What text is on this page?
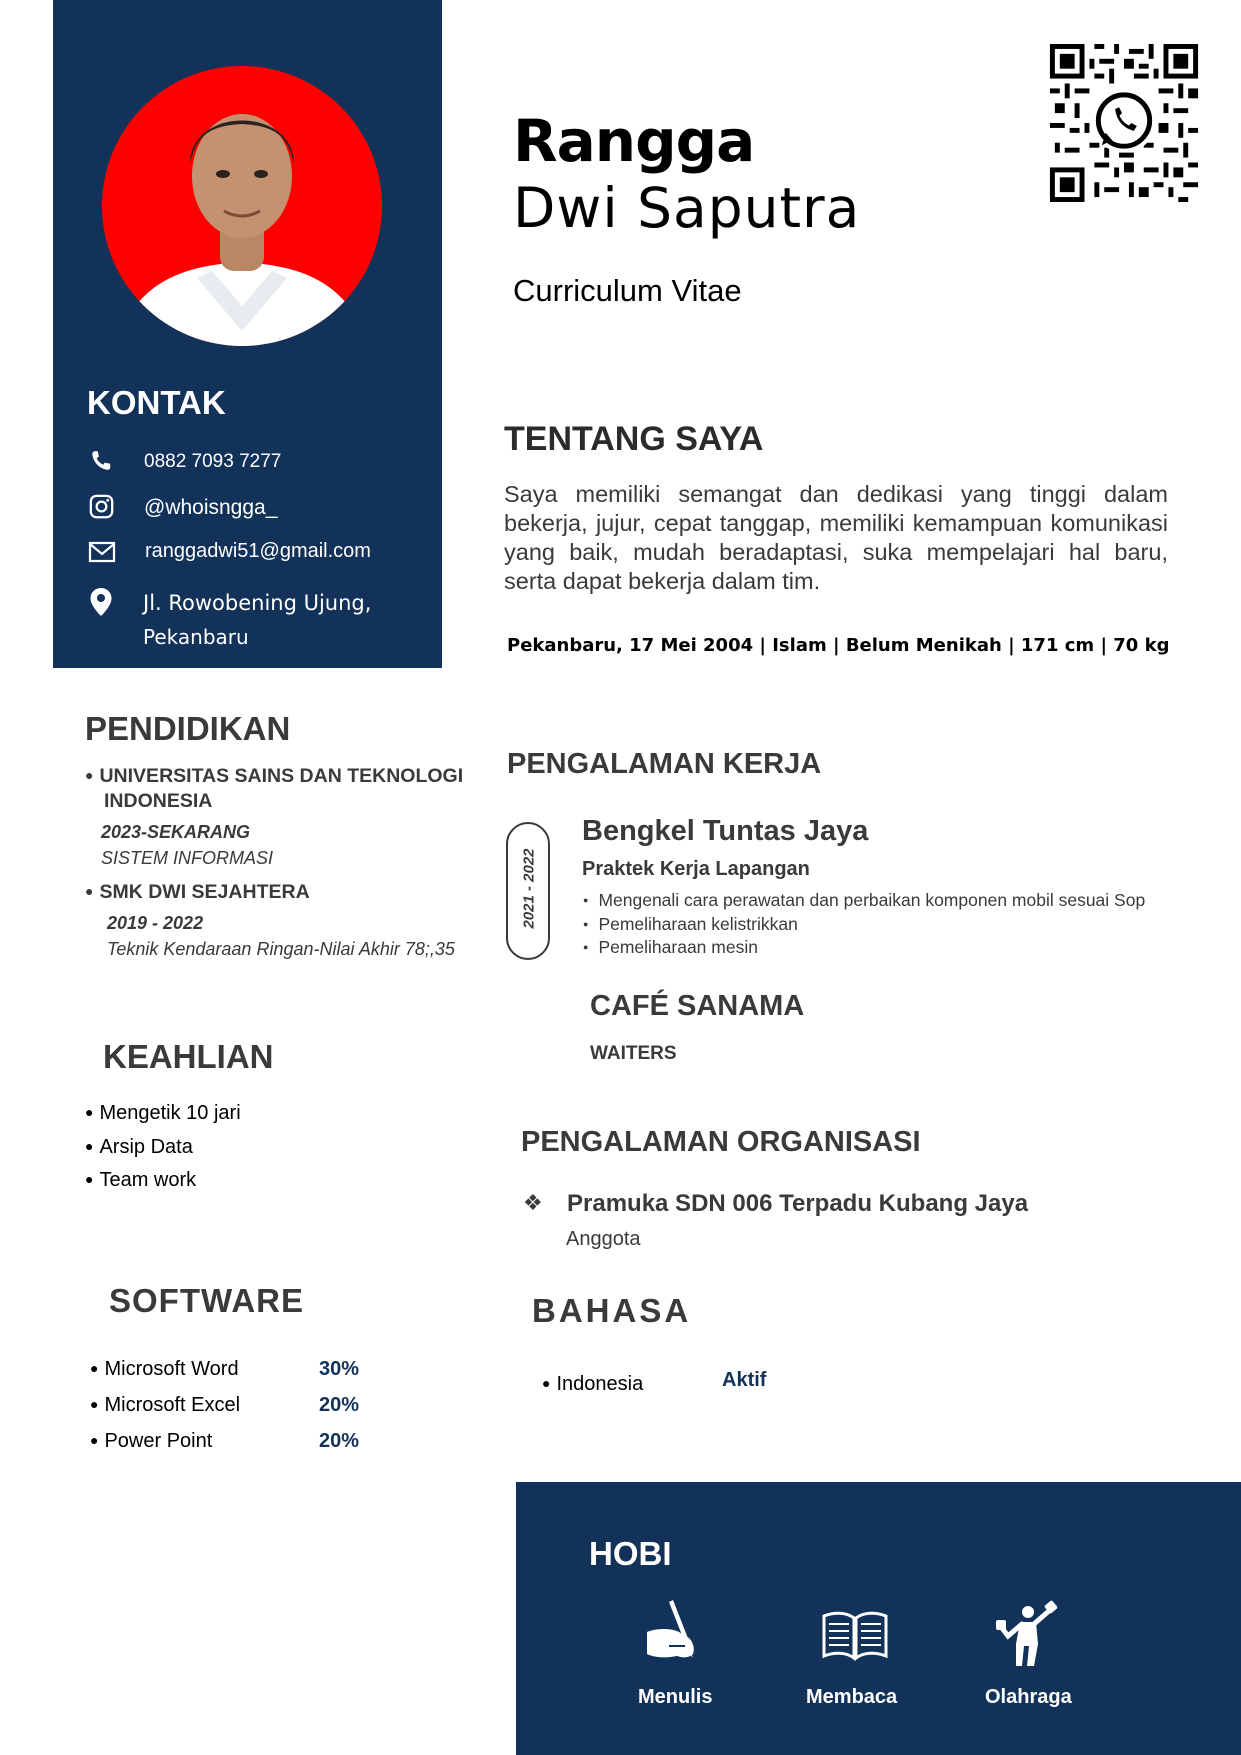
KONTAK
0882 7093 7277
@whoisngga_
ranggadwi51@gmail.com
Jl. Rowobening Ujung,
Pekanbaru
Rangga
Dwi Saputra
Curriculum Vitae
TENTANG SAYA
Saya memiliki semangat dan dedikasi yang tinggi dalam bekerja, jujur, cepat tanggap, memiliki kemampuan komunikasi yang baik, mudah beradaptasi, suka mempelajari hal baru, serta dapat bekerja dalam tim.
Pekanbaru, 17 Mei 2004 | Islam | Belum Menikah | 171 cm | 70 kg
PENDIDIKAN
● UNIVERSITAS SAINS DAN TEKNOLOGI
INDONESIA
2023-SEKARANG
SISTEM INFORMASI
● SMK DWI SEJAHTERA
2019 - 2022
Teknik Kendaraan Ringan-Nilai Akhir 78;,35
KEAHLIAN
● Mengetik 10 jari
● Arsip Data
● Team work
SOFTWARE
● Microsoft Word	30%
● Microsoft Excel	20%
● Power Point	20%
PENGALAMAN KERJA
2021 - 2022
Bengkel Tuntas Jaya
Praktek Kerja Lapangan
● Mengenali cara perawatan dan perbaikan komponen mobil sesuai Sop
● Pemeliharaan kelistrikkan
● Pemeliharaan mesin
CAFÉ SANAMA
WAITERS
PENGALAMAN ORGANISASI
❖ Pramuka SDN 006 Terpadu Kubang Jaya
Anggota
BAHASA
● Indonesia	Aktif
HOBI
Menulis	Membaca	Olahraga
